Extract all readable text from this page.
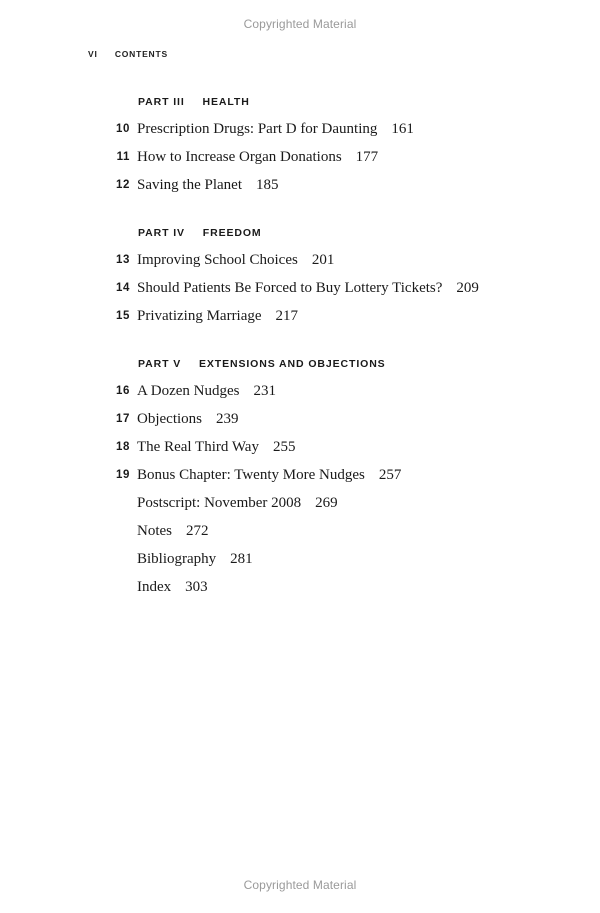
Copyrighted Material
VI CONTENTS
PART III HEALTH
10 Prescription Drugs: Part D for Daunting 161
11 How to Increase Organ Donations 177
12 Saving the Planet 185
PART IV FREEDOM
13 Improving School Choices 201
14 Should Patients Be Forced to Buy Lottery Tickets? 209
15 Privatizing Marriage 217
PART V EXTENSIONS AND OBJECTIONS
16 A Dozen Nudges 231
17 Objections 239
18 The Real Third Way 255
19 Bonus Chapter: Twenty More Nudges 257
Postscript: November 2008 269
Notes 272
Bibliography 281
Index 303
Copyrighted Material
